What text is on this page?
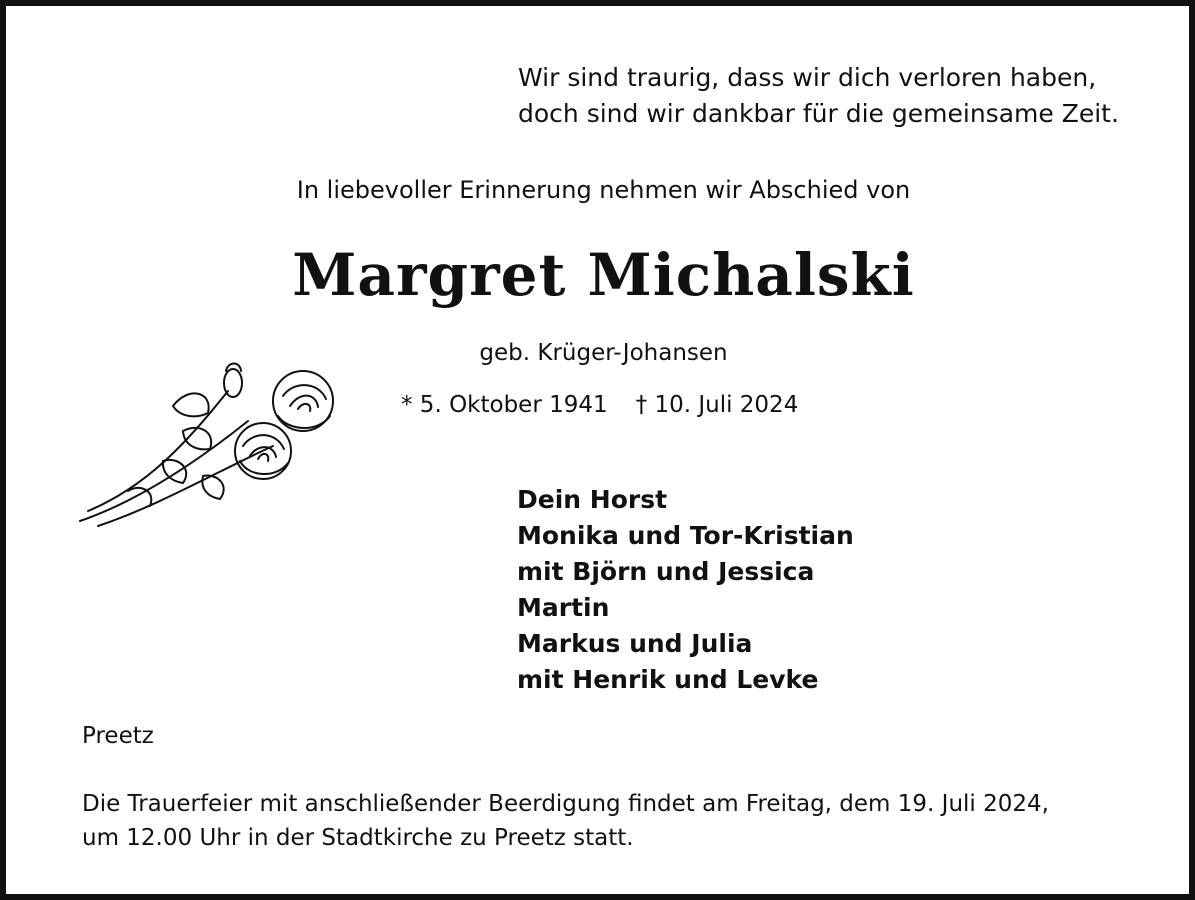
Wir sind traurig, dass wir dich verloren haben,
doch sind wir dankbar für die gemeinsame Zeit.
In liebevoller Erinnerung nehmen wir Abschied von
Margret Michalski
geb. Krüger-Johansen
* 5. Oktober 1941 † 10. Juli 2024
Dein Horst
Monika und Tor-Kristian
mit Björn und Jessica
Martin
Markus und Julia
mit Henrik und Levke
Preetz
Die Trauerfeier mit anschließender Beerdigung findet am Freitag, dem 19. Juli 2024,
um 12.00 Uhr in der Stadtkirche zu Preetz statt.
